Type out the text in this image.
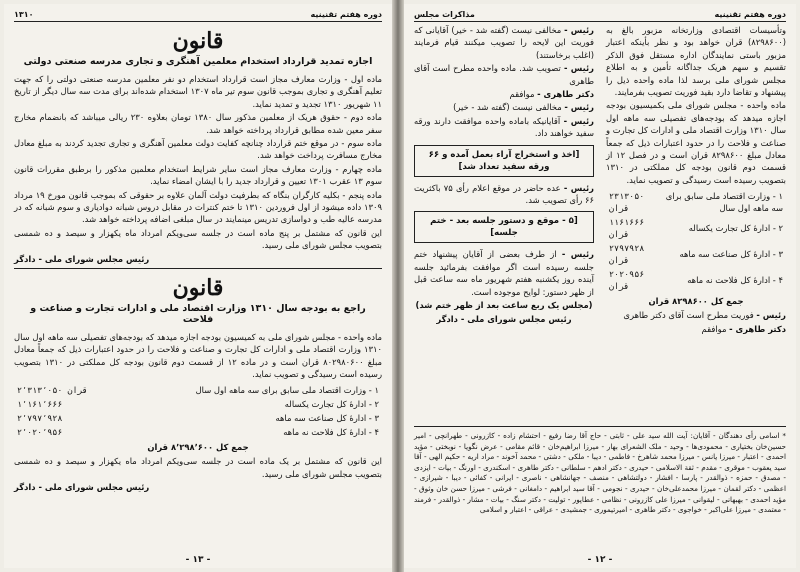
دوره هفتم تقنینیه
۱۳۱۰
قانون
اجازه تمدید قرارداد استخدام معلمین آهنگری و تجاری مدرسه صنعتی دولتی

ماده اول - وزارت معارف مجاز است قرارداد استخدام دو نفر معلمین مدرسه صنعتی دولتی را که جهت تعلیم آهنگری و تجاری بموجب قانون سوم تیر ماه ۱۳۰۷ استخدام شده‌اند برای مدت سه سال دیگر از تاریخ ۱۱ شهریور ۱۳۱۰ تجدید و تمدید نماید.

ماده دوم - حقوق هریک از معلمین مذکور سال ۱۳۸۰ تومان بعلاوه ۲۳۰ ریالی میباشد که بانضمام مخارج سفر معین شده مطابق قرارداد پرداخته خواهد شد.

ماده سوم - در موقع ختم قرارداد چنانچه کفایت دولت معلمین آهنگری و تجاری تجدید کردند به مبلغ معادل مخارج مسافرت پرداخت خواهد شد.

ماده چهارم - وزارت معارف مجاز است سایر شرایط استخدام معلمین مذکور را برطبق مقررات قانون سوم ۱۳ عقرب ۱۳۰۱ تعیین و قرارداد جدید را با ایشان امضاء نماید.

ماده پنجم - بکلیه کارگران بنگاه که بطرفیت دولت آلمان علاوه بر حقوقی که بموجب قانون مورخ ۱۹ مرداد ۱۳۰۹ داده میشود از اول فروردین ۱۳۱۰ تا ختم کنترات در مقابل دروس شبانه دوادیاری و سوم شبانه که در مدرسه عالیه طب و دواسازی تدریس مینمایند در سال مبلغی اضافه پرداخته خواهد شد.

این قانون که مشتمل بر پنج ماده است در جلسه سی‌ویکم امرداد ماه یکهزار و سیصد و ده شمسی بتصویب مجلس شورای ملی رسید.

رئیس مجلس شورای ملی - دادگر
قانون
راجع به بودجه سال ۱۳۱۰ وزارت اقتصاد ملی و ادارات تجارت و صناعت و فلاحت

ماده واحده - مجلس شورای ملی به کمیسیون بودجه اجازه میدهد که بودجه‌های تفصیلی سه ماهه اول سال ۱۳۱۰ وزارت اقتصاد ملی و ادارات کل تجارت و صناعت و فلاحت را در حدود اعتبارات ذیل که جمعاً معادل مبلغ ۸۰۲۹۸۰۶۰۰ قران است و در ماده ۱۲ از قسمت دوم قانون بودجه کل مملکتی در ۱۳۱۰ بتصویب رسیده است رسیدگی و تصویب نماید.

۱ - وزارت اقتصاد ملی سابق برای سه ماهه اول سال	۲٬۳۱۳٬۰۵۰ قران
۲ - ادارهٔ کل تجارت یکساله	۱٬۱۶۱٬۶۶۶
۳ - ادارهٔ کل صناعت سه ماهه	۲٬۷۹۷٬۹۲۸
۴ - ادارهٔ کل فلاحت نه ماهه	۲٬۰۲۰٬۹۵۶
جمع کل ۸٬۲۹۸٬۶۰۰ قران

این قانون که مشتمل بر یک ماده است در جلسه سی‌ویکم امرداد ماه یکهزار و سیصد و ده شمسی بتصویب مجلس شورای ملی رسید.

رئیس مجلس شورای ملی - دادگر
- ۱۳ -
دوره هفتم تقنینیه
مذاکرات مجلس

وتأسیسات اقتصادی وزارتخانه مزبور بالغ به (۸۲۹۸۶۰۰) قران خواهد بود و نظر بأینکه اعتبار مزبور باستی نمایندگان اداره مستقل فوق الذکر تقسیم و سهم هریک جداگانه تأمین و به اطلاع مجلس شورای ملی برسد لذا ماده واحده ذیل را پیشنهاد و تقاضا دارد بقید فوریت تصویب بفرمایند.

ماده واحده - مجلس شورای ملی بکمیسیون بودجه اجازه میدهد که بودجه‌های تفصیلی سه ماهه اول سال ۱۳۱۰ وزارت اقتصاد ملی و ادارات کل تجارت و صناعت و فلاحت را در حدود اعتبارات ذیل که جمعاً معادل مبلغ ۸۲۹۸۶۰۰ قران است و در فصل ۱۲ از قسمت دوم قانون بودجه کل مملکتی در ۱۳۱۰ بتصویب رسیده است رسیدگی و تصویب نماید.

۱ - وزارت اقتصاد ملی سابق برای سه ماهه اول سال	۲۳۱۳۰۵۰ قران
۲ - ادارهٔ کل تجارت یکساله	۱۱۶۱۶۶۶ قران
۳ - ادارهٔ کل صناعت سه ماهه	۲۷۹۷۹۲۸ قران
۴ - ادارهٔ کل فلاحت نه ماهه	۲۰۲۰۹۵۶ قران
جمع کل ۸۲۹۸۶۰۰ قران

رئیس - فوریت مطرح است آقای دکتر طاهری

دکتر طاهری - موافقم

رئیس - مخالفی نیست (گفته شد - خیر) آقایانی که فوریت این لایحه را تصویب میکنند قیام فرمایند (اغلب برخاستند)

رئیس - تصویب شد. ماده واحده مطرح است آقای طاهری

دکتر طاهری - موافقم

رئیس - مخالفی نیست (گفته شد - خیر)

رئیس - آقایانیکه باماده واحده موافقت دارند ورقه سفید خواهند داد.

[اخذ و استخراج آراء بعمل آمده و ۶۶ ورقه سفید تعداد شد]

رئیس - عده حاضر در موقع اعلام رأی ۷۵ باکثریت ۶۶ رأی تصویب شد.

[۵ - موقع و دستور جلسه بعد - ختم جلسه]

رئیس - از طرف بعضی از آقایان پیشنهاد ختم جلسه رسیده است اگر موافقت بفرمائید جلسه آینده روز یکشنبه هفتم شهریور ماه سه ساعت قبل از ظهر دستور: لوایح موجوده است.

(مجلس یک ربع ساعت بعد از ظهر ختم شد)

رئیس مجلس شورای ملی - دادگر

* اسامی رأی دهندگان - آقایان: آیت الله سید علی - ثابتی - حاج آقا رضا رفیع - احتشام زاده - کازرونی - طهرانچی - امیر حسین‌خان بختیاری - محمودی‌ها - وحید - ملک الشعرای بهار - میرزا ابراهیم‌خان - قائم مقامی - عرض نگویا - نوبختی - مؤید احمدی - اعتبار - میرزا یانس - میرزا محمد شاهرخ - فاطمی - دیبا - ملکی - دشتی - محمد آخوند - مراد اریه - حکیم الهی - آقا سید یعقوب - موقری - مقدم - ثقة الاسلامی - حیدری - دکتر ادهم - سلطانی - دکتر طاهری - اسکندری - اورنگ - بیات - ایزدی - مصدق - حمزه - ذوالقدر - پارسا - افشار - دولتشاهی - منصف - جهانشاهی - ناصری - ایرانی - کفائی - دیبا - شیرازی - اعظمی - دکتر لقمان - میرزا محمدعلی‌خان - حیدری - نجومی - آقا سید ابراهیم - دامغانی - فرشی - میرزا حسن خان وثوق - مؤید احمدی - بهبهانی - لیقوانی - میرزا علی کازرونی - نظامی - عطاپور - تولیت - دکتر سنگ - بیات - مشار - ذوالقدر - فرمند - معتمدی - میرزا علی‌اکبر - خواجوی - دکتر طاهری - امیرتیموری - جمشیدی - عراقی - اعتبار و اسلامی

- ۱۲ -
